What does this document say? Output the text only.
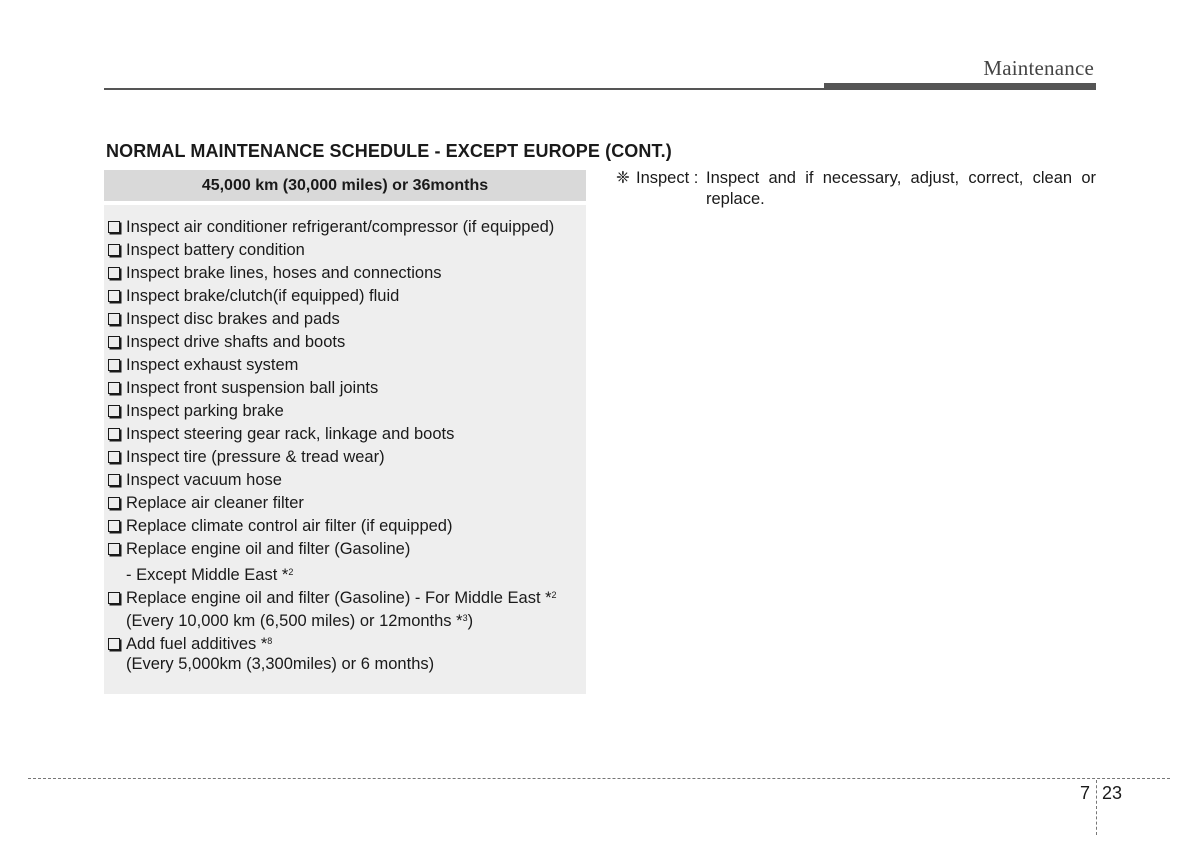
Maintenance
NORMAL MAINTENANCE SCHEDULE - EXCEPT EUROPE (CONT.)
45,000 km (30,000 miles) or 36months
Inspect air conditioner refrigerant/compressor (if equipped)
Inspect battery condition
Inspect brake lines, hoses and connections
Inspect brake/clutch(if equipped) fluid
Inspect disc brakes and pads
Inspect drive shafts and boots
Inspect exhaust system
Inspect front suspension ball joints
Inspect parking brake
Inspect steering gear rack, linkage and boots
Inspect tire (pressure & tread wear)
Inspect vacuum hose
Replace air cleaner filter
Replace climate control air filter (if equipped)
Replace engine oil and filter (Gasoline)
- Except Middle East *$^2$
Replace engine oil and filter (Gasoline) - For Middle East *$^2$
(Every 10,000 km (6,500 miles) or 12months *$^3$)
Add fuel additives *$^8$
(Every 5,000km (3,300miles) or 6 months)
❈ Inspect : Inspect and if necessary, adjust, correct, clean or replace.
7 23
